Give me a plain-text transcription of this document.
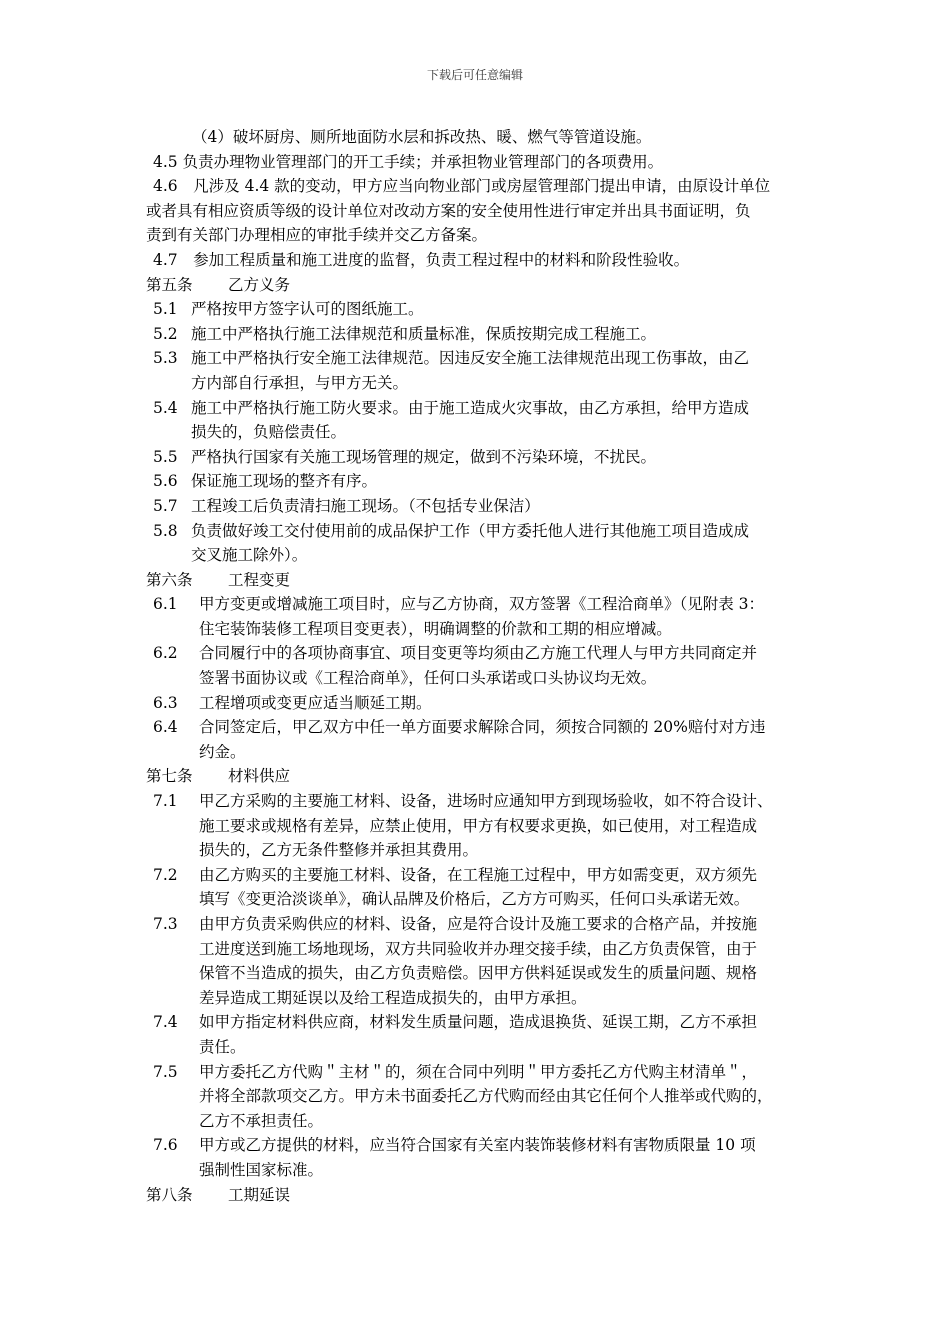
下载后可任意编辑
（4）破坏厨房、厕所地面防水层和拆改热、暖、燃气等管道设施。
4.5 负责办理物业管理部门的开工手续；并承担物业管理部门的各项费用。
4.6　凡涉及 4.4 款的变动，甲方应当向物业部门或房屋管理部门提出申请，由原设计单位
或者具有相应资质等级的设计单位对改动方案的安全使用性进行审定并出具书面证明，负
责到有关部门办理相应的审批手续并交乙方备案。
4.7　参加工程质量和施工进度的监督，负责工程过程中的材料和阶段性验收。
第五条 乙方义务
5.1 严格按甲方签字认可的图纸施工。
5.2 施工中严格执行施工法律规范和质量标准，保质按期完成工程施工。
5.3 施工中严格执行安全施工法律规范。因违反安全施工法律规范出现工伤事故，由乙
方内部自行承担，与甲方无关。
5.4 施工中严格执行施工防火要求。由于施工造成火灾事故，由乙方承担，给甲方造成
损失的，负赔偿责任。
5.5 严格执行国家有关施工现场管理的规定，做到不污染环境，不扰民。
5.6 保证施工现场的整齐有序。
5.7 工程竣工后负责清扫施工现场。（不包括专业保洁）
5.8 负责做好竣工交付使用前的成品保护工作（甲方委托他人进行其他施工项目造成成
交叉施工除外）。
第六条 工程变更
6.1	甲方变更或增减施工项目时，应与乙方协商，双方签署《工程洽商单》（见附表 3：
住宅装饰装修工程项目变更表），明确调整的价款和工期的相应增减。
6.2	合同履行中的各项协商事宜、项目变更等均须由乙方施工代理人与甲方共同商定并
签署书面协议或《工程洽商单》，任何口头承诺或口头协议均无效。
6.3	工程增项或变更应适当顺延工期。
6.4	合同签定后，甲乙双方中任一单方面要求解除合同，须按合同额的 20%赔付对方违
约金。
第七条 材料供应
7.1	甲乙方采购的主要施工材料、设备，进场时应通知甲方到现场验收，如不符合设计、
施工要求或规格有差异，应禁止使用，甲方有权要求更换，如已使用，对工程造成
损失的，乙方无条件整修并承担其费用。
7.2	由乙方购买的主要施工材料、设备，在工程施工过程中，甲方如需变更，双方须先
填写《变更洽淡谈单》，确认品牌及价格后，乙方方可购买，任何口头承诺无效。
7.3	由甲方负责采购供应的材料、设备，应是符合设计及施工要求的合格产品，并按施
工进度送到施工场地现场，双方共同验收并办理交接手续，由乙方负责保管，由于
保管不当造成的损失，由乙方负责赔偿。因甲方供料延误或发生的质量问题、规格
差异造成工期延误以及给工程造成损失的，由甲方承担。
7.4	如甲方指定材料供应商，材料发生质量问题，造成退换货、延误工期，乙方不承担
责任。
7.5	甲方委托乙方代购＂主材＂的，须在合同中列明＂甲方委托乙方代购主材清单＂，
并将全部款项交乙方。甲方未书面委托乙方代购而经由其它任何个人推举或代购的，
乙方不承担责任。
7.6	甲方或乙方提供的材料，应当符合国家有关室内装饰装修材料有害物质限量 10 项
强制性国家标准。
第八条 工期延误
